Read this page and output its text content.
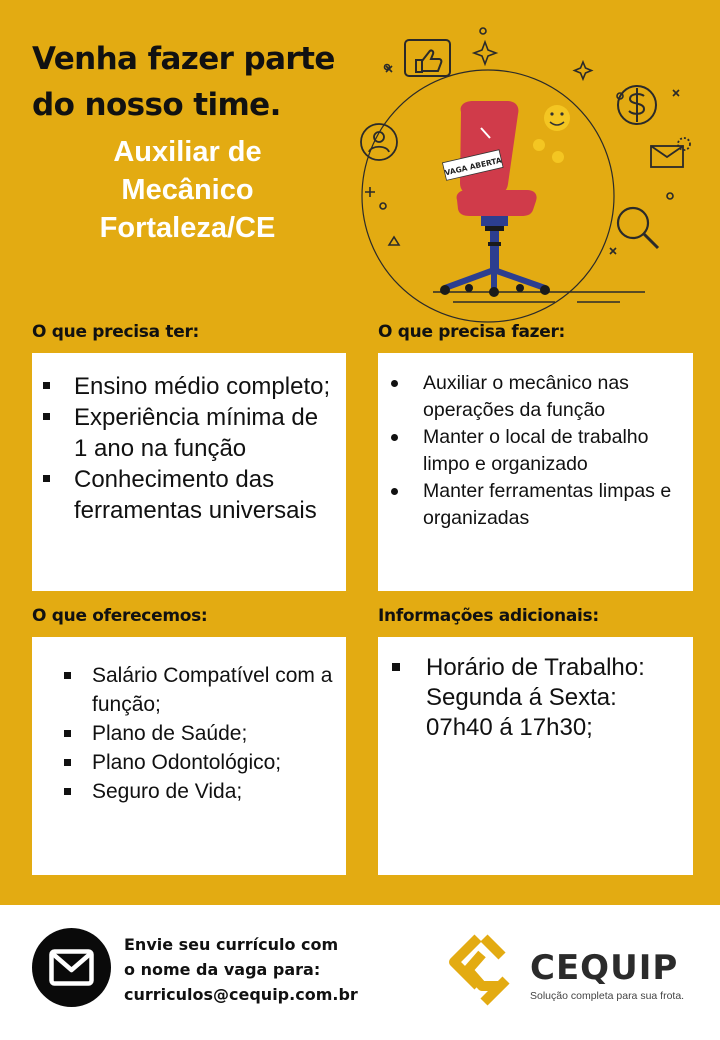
Venha fazer parte
do nosso time.
Auxiliar de
Mecânico
Fortaleza/CE
VAGA ABERTA
O que precisa ter:
Ensino médio completo;
Experiência mínima de 1 ano na função
Conhecimento das ferramentas universais
O que precisa fazer:
Auxiliar o mecânico nas operações da função
Manter o local de trabalho limpo e organizado
Manter ferramentas limpas e organizadas
O que oferecemos:
Salário Compatível com a função;
Plano de Saúde;
Plano Odontológico;
Seguro de Vida;
Informações adicionais:
Horário de Trabalho: Segunda á Sexta: 07h40 á 17h30;
Envie seu currículo com
o nome da vaga para:
curriculos@cequip.com.br

CEQUIP

Solução completa para sua frota.
